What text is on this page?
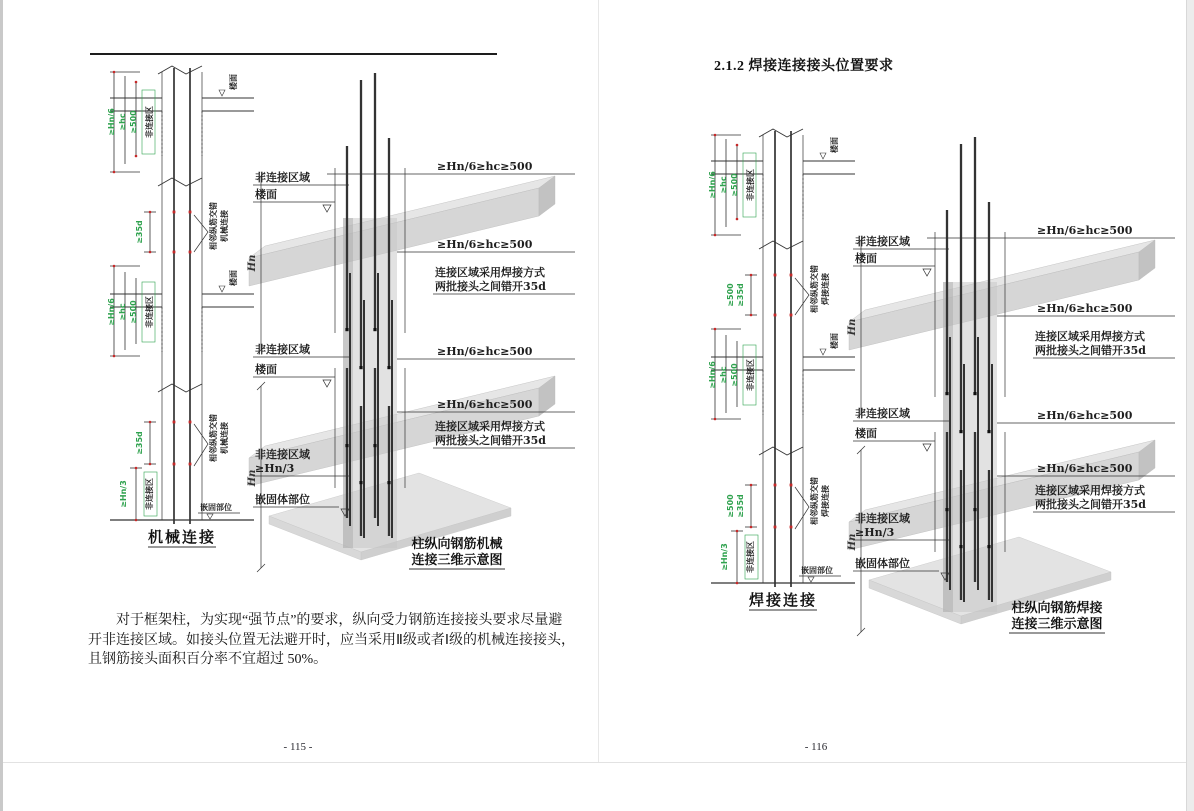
≥Hn/6 ≥hc ≥500 非连接区
楼面
≥Hn/6 ≥hc ≥500 非连接区
楼面
≥35d
≥35d
相邻纵筋交错 机械连接
相邻纵筋交错 机械连接
≥Hn/3 非连接区	嵌固部位
机械连接
≥Hn/6≥hc≥500
≥Hn/6≥hc≥500
连接区域采用焊接方式
两批接头之间错开35d
≥Hn/6≥hc≥500
≥Hn/6≥hc≥500
连接区域采用焊接方式
两批接头之间错开35d
非连接区域
楼面
非连接区域
楼面
非连接区域
≥Hn/3
嵌固体部位
Hn
Hn
柱纵向钢筋机械
连接三维示意图
2.1.2 焊接连接接头位置要求
≥Hn/6 ≥hc ≥500 非连接区
楼面
≥Hn/6 ≥hc ≥500 非连接区
楼面
≥500 ≥35d
≥500 ≥35d
相邻纵筋交错 焊接连接
相邻纵筋交错 焊接连接
≥Hn/3 非连接区	嵌固部位
焊接连接
≥Hn/6≥hc≥500
≥Hn/6≥hc≥500
连接区域采用焊接方式
两批接头之间错开35d
≥Hn/6≥hc≥500
≥Hn/6≥hc≥500
连接区域采用焊接方式
两批接头之间错开35d
非连接区域
楼面
非连接区域
楼面
非连接区域
≥Hn/3
嵌固体部位
Hn
Hn
柱纵向钢筋焊接
连接三维示意图
对于框架柱，为实现“强节点”的要求，纵向受力钢筋连接接头要求尽量避
开非连接区域。如接头位置无法避开时，应当采用Ⅱ级或者Ⅰ级的机械连接接头，
且钢筋接头面积百分率不宜超过 50%。
- 115 -	- 116
